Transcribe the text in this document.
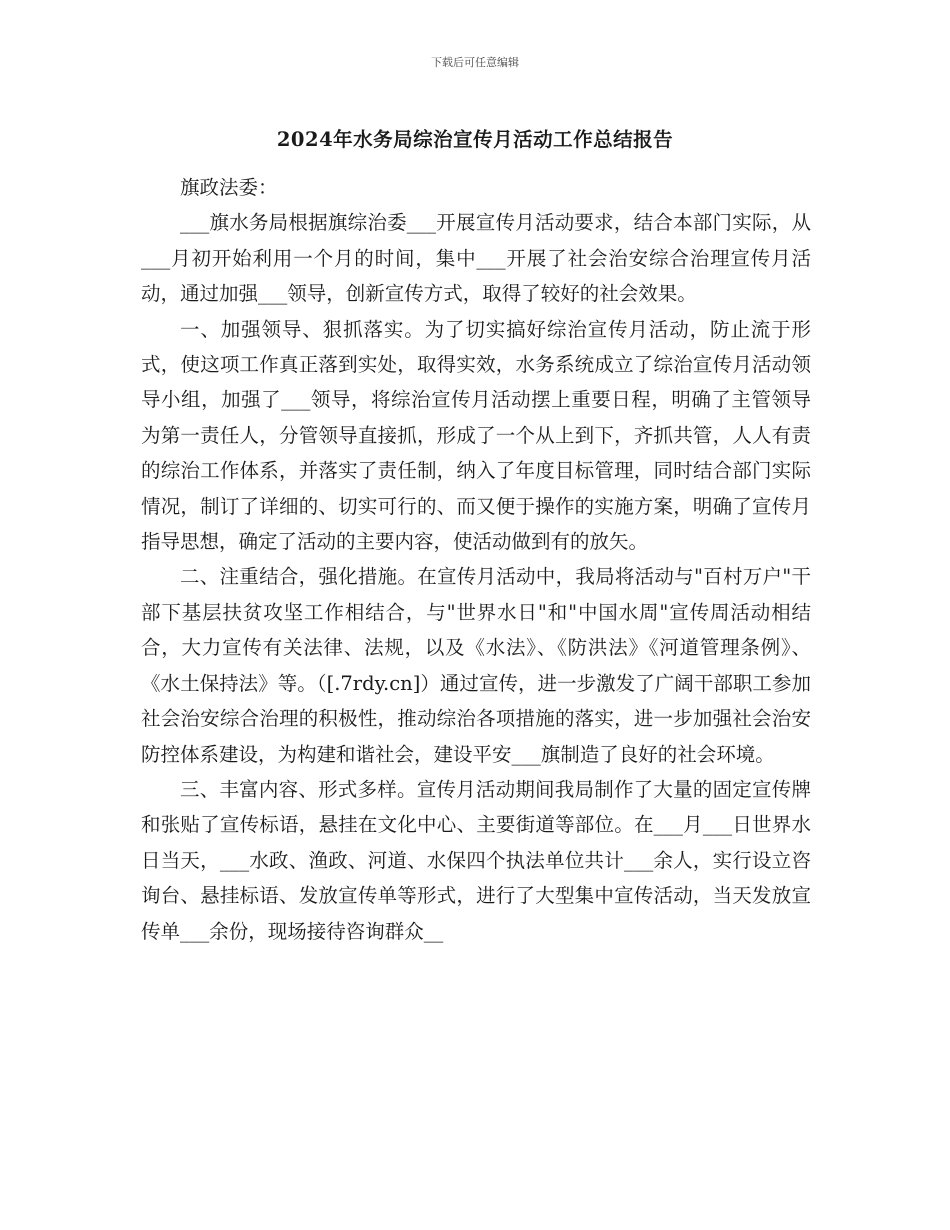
下载后可任意编辑
2024年水务局综治宣传月活动工作总结报告

旗政法委：

___旗水务局根据旗综治委___开展宣传月活动要求，结合本部门实际，从___月初开始利用一个月的时间，集中___开展了社会治安综合治理宣传月活动，通过加强___领导，创新宣传方式，取得了较好的社会效果。

一、加强领导、狠抓落实。为了切实搞好综治宣传月活动，防止流于形式，使这项工作真正落到实处，取得实效，水务系统成立了综治宣传月活动领导小组，加强了___领导，将综治宣传月活动摆上重要日程，明确了主管领导为第一责任人，分管领导直接抓，形成了一个从上到下，齐抓共管，人人有责的综治工作体系，并落实了责任制，纳入了年度目标管理，同时结合部门实际情况，制订了详细的、切实可行的、而又便于操作的实施方案，明确了宣传月指导思想，确定了活动的主要内容，使活动做到有的放矢。

二、注重结合，强化措施。在宣传月活动中，我局将活动与"百村万户"干部下基层扶贫攻坚工作相结合，与"世界水日"和"中国水周"宣传周活动相结合，大力宣传有关法律、法规，以及《水法》、《防洪法》《河道管理条例》、《水土保持法》等。（[.7rdy.cn]）通过宣传，进一步激发了广阔干部职工参加社会治安综合治理的积极性，推动综治各项措施的落实，进一步加强社会治安防控体系建设，为构建和谐社会，建设平安___旗制造了良好的社会环境。

三、丰富内容、形式多样。宣传月活动期间我局制作了大量的固定宣传牌和张贴了宣传标语，悬挂在文化中心、主要街道等部位。在___月___日世界水日当天，___水政、渔政、河道、水保四个执法单位共计___余人，实行设立咨询台、悬挂标语、发放宣传单等形式，进行了大型集中宣传活动，当天发放宣传单___余份，现场接待咨询群众__
